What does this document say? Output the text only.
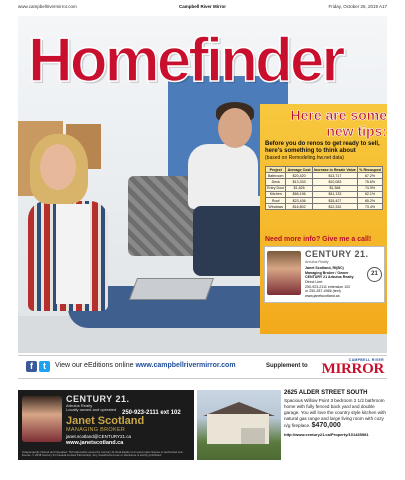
Campbell River Mirror
www.campbellrivermirror.com	Friday, October 25, 2019 A17
Homefinder
Here are some
new tips:
Before you do renos to get ready to sell, here's something to think about
(based on Remodeling.hw.net data)
Project	Average Cost	Increase in Resale Value	% Recouped
Bathroom	$20,420	$13,717	67.2%
Deck	$13,333	$10,083	75.6%
Entry Door	$1,826	$1,368	74.9%
Kitchen	$66,196	$41,133	62.1%
Roof	$23,436	$15,427	65.2%
Windows	$16,802	$12,332	73.4%
Need more info? Give me a call!
CENTURY 21.
Arbutus Realty
Janet Scotland, RI(BC)
Managing Broker / Owner
CENTURY 21 Arbutus Realty
Direct Line:
250-923-2111 extension 102
or 250-287-4966 (text)
www.janetscotland.ca
21
f	t	View our eEditions online www.campbellrivermirror.com	Supplement to
CAMPBELL RIVER
MIRROR
CENTURY 21.
Arbutus Realty
Locally owned and operated
250-923-2111 ext 102
Janet Scotland
MANAGING BROKER
janet.scotland@CENTURY21.ca
www.janetscotland.ca
Independently Owned and Operated. TM trademarks owned by Century 21 Real Estate LLC used under license or authorized sub-license. © 2018 Century 21 Canada Limited Partnership. Any unauthorized use or disclosure is strictly prohibited.
2625 ALDER STREET SOUTH
Spacious Willow Point 3 bedroom 2 1/2 bathroom home with fully fenced back yard and double garage. You will love the country style kitchen with natural gas range and large living room with cozy n/g fireplace. $470,000
http://www.century21.ca/Property/101435981
